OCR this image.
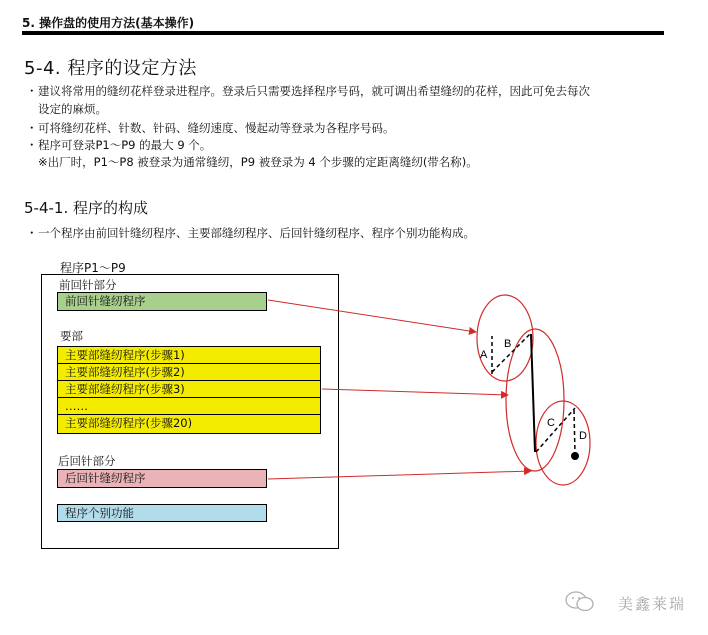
5. 操作盘的使用方法(基本操作)
5-4. 程序的设定方法
・ 建议将常用的缝纫花样登录进程序。登录后只需要选择程序号码，就可调出希望缝纫的花样，因此可免去每次
设定的麻烦。
・ 可将缝纫花样、针数、针码、缝纫速度、慢起动等登录为各程序号码。
・ 程序可登录P1～P9 的最大 9 个。
※出厂时，P1～P8 被登录为通常缝纫，P9 被登录为 4 个步骤的定距离缝纫(带名称)。
5-4-1. 程序的构成
・ 一个程序由前回针缝纫程序、主要部缝纫程序、后回针缝纫程序、程序个别功能构成。
程序P1～P9
前回针部分
前回针缝纫程序
要部
主要部缝纫程序(步骤1)
主要部缝纫程序(步骤2)
主要部缝纫程序(步骤3)
……
主要部缝纫程序(步骤20)
后回针部分
后回针缝纫程序
程序个别功能
A
B
C
D
美鑫莱瑞
